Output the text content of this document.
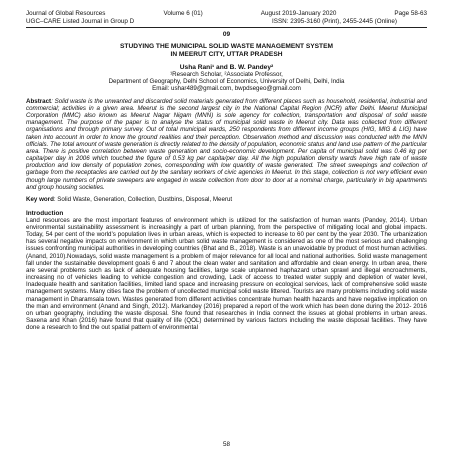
Journal of Global Resources	Volume 6 (01)	August 2019-January 2020	Page 58-63
UGC–CARE Listed Journal in Group D	ISSN: 2395-3160 (Print), 2455-2445 (Online)
09
STUDYING THE MUNICIPAL SOLID WASTE MANAGEMENT SYSTEM
IN MEERUT CITY, UTTAR PRADESH
Usha Rani¹ and B. W. Pandey²
¹Research Scholar, ²Associate Professor,
Department of Geography, Delhi School of Economics, University of Delhi, Delhi, India
Email: ushar489@gmail.com, bwpdsegeo@gmail.com
Abstract: Solid waste is the unwanted and discarded solid materials generated from different places such as household, residential, industrial and commercial; activities in a given area. Meerut is the second largest city in the National Capital Region (NCR) after Delhi. Meerut Municipal Corporation (MMC) also known as Meerut Nagar Nigam (MNN) is sole agency for collection, transportation and disposal of solid waste management. The purpose of the paper is to analyse the status of municipal solid waste in Meerut city. Data was collected from different organisations and through primary survey. Out of total municipal wards, 250 respondents from different income groups (HIG, MIG & LIG) have taken into account in order to know the ground realities and their perception. Observation method and discussion was conducted with the MNN officials. The total amount of waste generation is directly related to the density of population, economic status and land use pattern of the particular area. There is positive correlation between waste generation and socio-economic development. Per capita of municipal solid was 0.46 kg per capita/per day in 2006 which touched the figure of 0.53 kg per capita/per day. All the high population density wards have high rate of waste production and low density of population zones, corresponding with low quantity of waste generated. The street sweepings and collection of garbage from the receptacles are carried out by the sanitary workers of civic agencies in Meerut. In this stage, collection is not very efficient even though large numbers of private sweepers are engaged in waste collection from door to door at a nominal charge, particularly in big apartments and group housing societies.
Key word: Solid Waste, Generation, Collection, Dustbins, Disposal, Meerut
Introduction
Land resources are the most important features of environment which is utilized for the satisfaction of human wants (Pandey, 2014). Urban environmental sustainability assessment is increasingly a part of urban planning, from the perspective of mitigating local and global impacts. Today, 54 per cent of the world’s population lives in urban areas, which is expected to increase to 60 per cent by the year 2030. The urbanization has several negative impacts on environment in which urban solid waste management is considered as one of the most serious and challenging issues confronting municipal authorities in developing countries (Bhat and B., 2018). Waste is an unavoidable by product of most human activities. (Anand, 2010).Nowadays, solid waste management is a problem of major relevance for all local and national authorities. Solid waste management fall under the sustainable development goals 6 and 7 about the clean water and sanitation and affordable and clean energy. In urban area, there are several problems such as lack of adequate housing facilities, large scale unplanned haphazard urban sprawl and illegal encroachments, increasing no of vehicles leading to vehicle congestion and crowding, Lack of access to treated water supply and depletion of water level, Inadequate health and sanitation facilities, limited land space and increasing pressure on ecological services, lack of comprehensive solid waste management systems. Many cities face the problem of uncollected municipal solid waste littered. Tourists are many problems including solid waste management in Dharamsala town. Wastes generated from different activities concentrate human health hazards and have negative implication on the man and environment (Anand and Singh, 2012). Markandey (2016) prepared a report of the work which has been done during the 2012- 2016 on urban geography, including the waste disposal. She found that researches in India connect the issues at global problems in urban areas. Saxena and Khan (2016) have found that quality of life (QOL) determined by various factors including the waste disposal facilities. They have done a research to find the out spatial pattern of environmental
58
